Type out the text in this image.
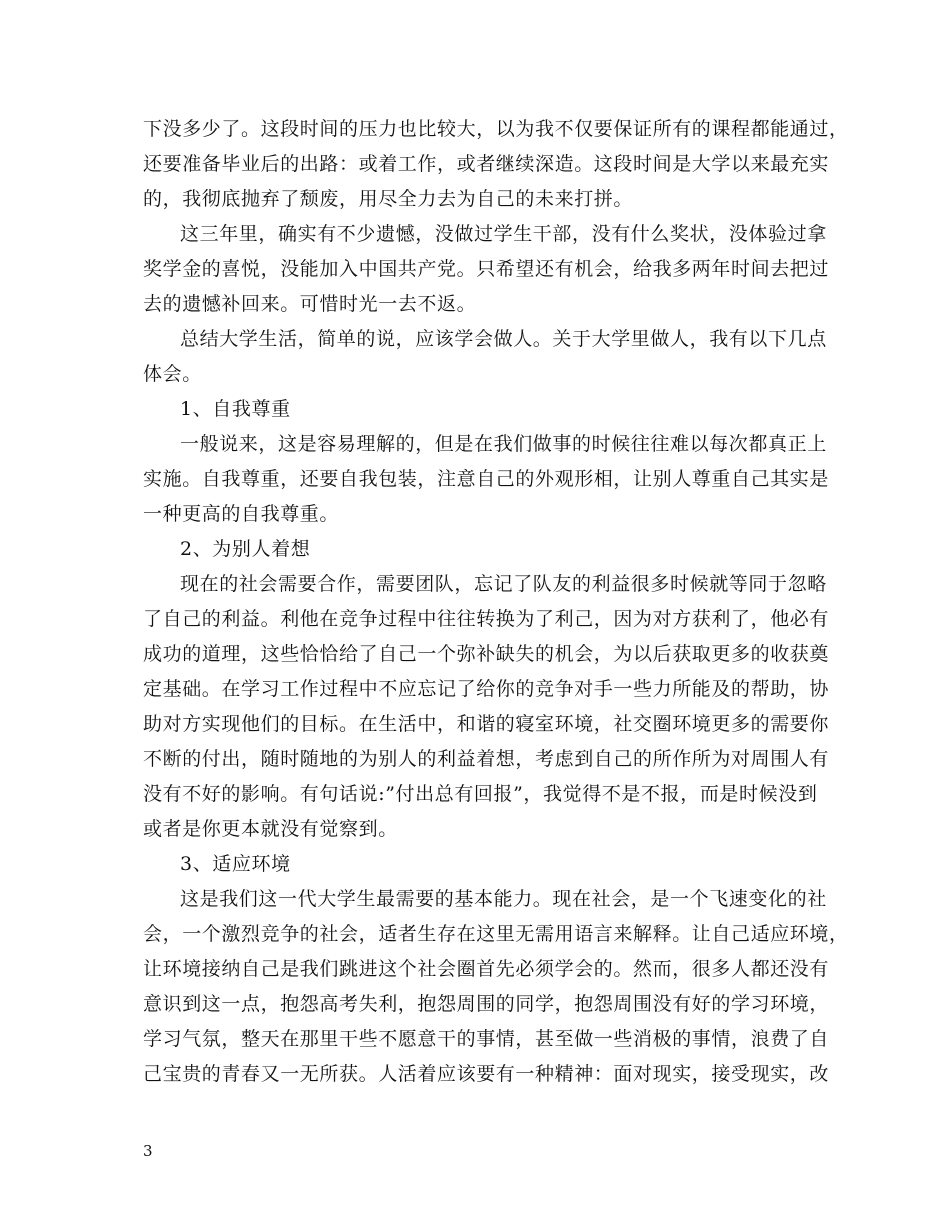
下没多少了。这段时间的压力也比较大，以为我不仅要保证所有的课程都能通过，
还要准备毕业后的出路：或着工作，或者继续深造。这段时间是大学以来最充实
的，我彻底抛弃了颓废，用尽全力去为自己的未来打拼。
这三年里，确实有不少遗憾，没做过学生干部，没有什么奖状，没体验过拿
奖学金的喜悦，没能加入中国共产党。只希望还有机会，给我多两年时间去把过
去的遗憾补回来。可惜时光一去不返。
总结大学生活，简单的说，应该学会做人。关于大学里做人，我有以下几点
体会。
1、自我尊重
一般说来，这是容易理解的，但是在我们做事的时候往往难以每次都真正上
实施。自我尊重，还要自我包装，注意自己的外观形相，让别人尊重自己其实是
一种更高的自我尊重。
2、为别人着想
现在的社会需要合作，需要团队，忘记了队友的利益很多时候就等同于忽略
了自己的利益。利他在竞争过程中往往转换为了利己，因为对方获利了，他必有
成功的道理，这些恰恰给了自己一个弥补缺失的机会，为以后获取更多的收获奠
定基础。在学习工作过程中不应忘记了给你的竞争对手一些力所能及的帮助，协
助对方实现他们的目标。在生活中，和谐的寝室环境，社交圈环境更多的需要你
不断的付出，随时随地的为别人的利益着想，考虑到自己的所作所为对周围人有
没有不好的影响。有句话说:”付出总有回报”，我觉得不是不报，而是时候没到
或者是你更本就没有觉察到。
3、适应环境
这是我们这一代大学生最需要的基本能力。现在社会，是一个飞速变化的社
会，一个激烈竞争的社会，适者生存在这里无需用语言来解释。让自己适应环境，
让环境接纳自己是我们跳进这个社会圈首先必须学会的。然而，很多人都还没有
意识到这一点，抱怨高考失利，抱怨周围的同学，抱怨周围没有好的学习环境，
学习气氛，整天在那里干些不愿意干的事情，甚至做一些消极的事情，浪费了自
己宝贵的青春又一无所获。人活着应该要有一种精神：面对现实，接受现实，改
3
